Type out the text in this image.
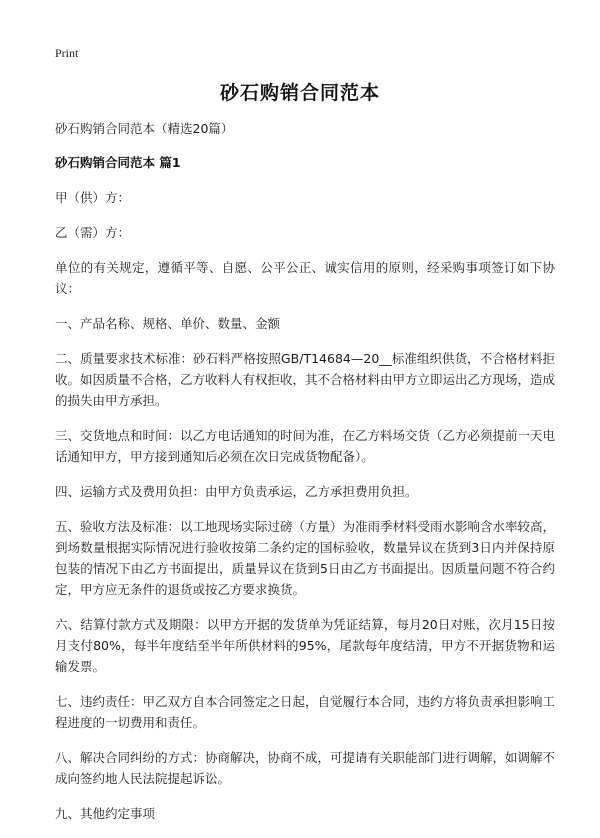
Print
砂石购销合同范本

砂石购销合同范本（精选20篇）

砂石购销合同范本 篇1

甲（供）方：

乙（需）方：

单位的有关规定，遵循平等、自愿、公平公正、诚实信用的原则，经采购事项签订如下协议：

一、产品名称、规格、单价、数量、金额

二、质量要求技术标准：砂石料严格按照GB/T14684—20__标准组织供货，不合格材料拒收。如因质量不合格，乙方收料人有权拒收，其不合格材料由甲方立即运出乙方现场，造成的损失由甲方承担。

三、交货地点和时间：以乙方电话通知的时间为准，在乙方料场交货（乙方必须提前一天电话通知甲方，甲方接到通知后必须在次日完成货物配备）。

四、运输方式及费用负担：由甲方负责承运，乙方承担费用负担。

五、验收方法及标准：以工地现场实际过磅（方量）为准雨季材料受雨水影响含水率较高，到场数量根据实际情况进行验收按第二条约定的国标验收，数量异议在货到3日内并保持原包装的情况下由乙方书面提出，质量异议在货到5日由乙方书面提出。因质量问题不符合约定，甲方应无条件的退货或按乙方要求换货。

六、结算付款方式及期限：以甲方开据的发货单为凭证结算，每月20日对账，次月15日按月支付80%，每半年度结至半年所供材料的95%，尾款每年度结清，甲方不开据货物和运输发票。

七、违约责任：甲乙双方自本合同签定之日起，自觉履行本合同，违约方将负责承担影响工程进度的一切费用和责任。

八、解决合同纠纷的方式：协商解决，协商不成，可提请有关职能部门进行调解，如调解不成向签约地人民法院提起诉讼。

九、其他约定事项
